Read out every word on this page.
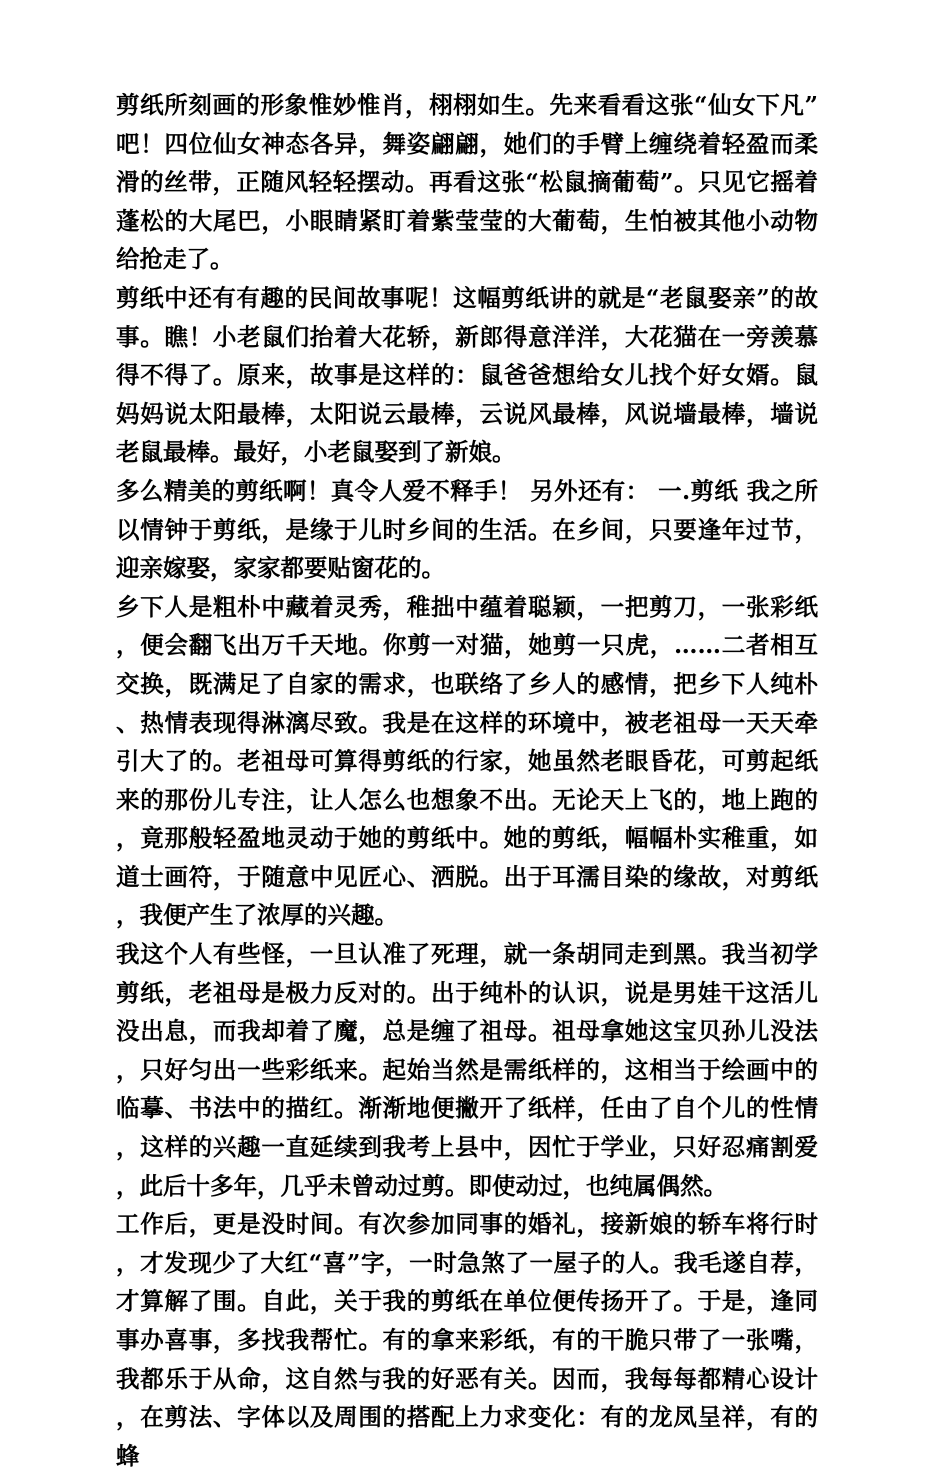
剪纸所刻画的形象惟妙惟肖，栩栩如生。先来看看这张“仙女下凡”吧！四位仙女神态各异，舞姿翩翩，她们的手臂上缠绕着轻盈而柔滑的丝带，正随风轻轻摆动。再看这张“松鼠摘葡萄”。只见它摇着蓬松的大尾巴，小眼睛紧盯着紫莹莹的大葡萄，生怕被其他小动物给抢走了。

剪纸中还有有趣的民间故事呢！这幅剪纸讲的就是“老鼠娶亲”的故事。瞧！小老鼠们抬着大花轿，新郎得意洋洋，大花猫在一旁羡慕得不得了。原来，故事是这样的：鼠爸爸想给女儿找个好女婿。鼠妈妈说太阳最棒，太阳说云最棒，云说风最棒，风说墙最棒，墙说老鼠最棒。最好，小老鼠娶到了新娘。

多么精美的剪纸啊！真令人爱不释手！ 另外还有： 一.剪纸 我之所以情钟于剪纸，是缘于儿时乡间的生活。在乡间，只要逢年过节，迎亲嫁娶，家家都要贴窗花的。

乡下人是粗朴中藏着灵秀，稚拙中蕴着聪颖，一把剪刀，一张彩纸，便会翻飞出万千天地。你剪一对猫，她剪一只虎，……二者相互交换，既满足了自家的需求，也联络了乡人的感情，把乡下人纯朴、热情表现得淋漓尽致。我是在这样的环境中，被老祖母一天天牵引大了的。老祖母可算得剪纸的行家，她虽然老眼昏花，可剪起纸来的那份儿专注，让人怎么也想象不出。无论天上飞的，地上跑的，竟那般轻盈地灵动于她的剪纸中。她的剪纸，幅幅朴实稚重，如道士画符，于随意中见匠心、洒脱。出于耳濡目染的缘故，对剪纸，我便产生了浓厚的兴趣。

我这个人有些怪，一旦认准了死理，就一条胡同走到黑。我当初学剪纸，老祖母是极力反对的。出于纯朴的认识，说是男娃干这活儿没出息，而我却着了魔，总是缠了祖母。祖母拿她这宝贝孙儿没法，只好匀出一些彩纸来。起始当然是需纸样的，这相当于绘画中的临摹、书法中的描红。渐渐地便撇开了纸样，任由了自个儿的性情，这样的兴趣一直延续到我考上县中，因忙于学业，只好忍痛割爱，此后十多年，几乎未曾动过剪。即使动过，也纯属偶然。

工作后，更是没时间。有次参加同事的婚礼，接新娘的轿车将行时，才发现少了大红“喜”字，一时急煞了一屋子的人。我毛遂自荐，才算解了围。自此，关于我的剪纸在单位便传扬开了。于是，逢同事办喜事，多找我帮忙。有的拿来彩纸，有的干脆只带了一张嘴，我都乐于从命，这自然与我的好恶有关。因而，我每每都精心设计，在剪法、字体以及周围的搭配上力求变化：有的龙凤呈祥，有的蜂
